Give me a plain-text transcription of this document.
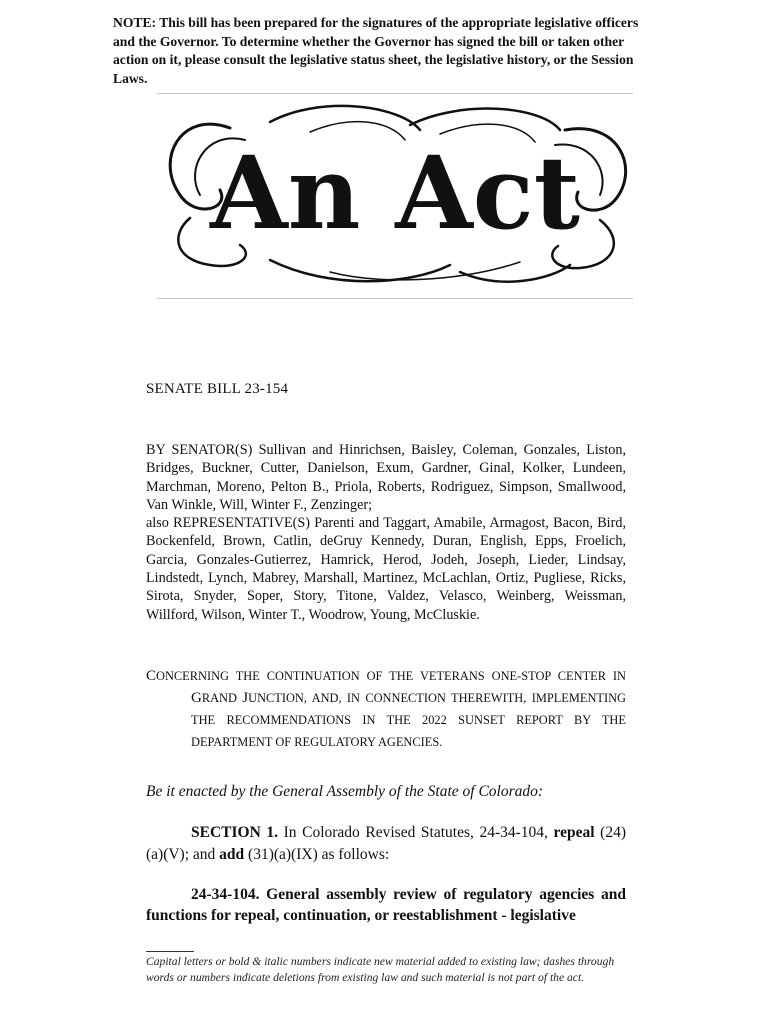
NOTE: This bill has been prepared for the signatures of the appropriate legislative officers and the Governor. To determine whether the Governor has signed the bill or taken other action on it, please consult the legislative status sheet, the legislative history, or the Session Laws.
An Act
SENATE BILL 23-154

BY SENATOR(S) Sullivan and Hinrichsen, Baisley, Coleman, Gonzales, Liston, Bridges, Buckner, Cutter, Danielson, Exum, Gardner, Ginal, Kolker, Lundeen, Marchman, Moreno, Pelton B., Priola, Roberts, Rodriguez, Simpson, Smallwood, Van Winkle, Will, Winter F., Zenzinger;

also REPRESENTATIVE(S) Parenti and Taggart, Amabile, Armagost, Bacon, Bird, Bockenfeld, Brown, Catlin, deGruy Kennedy, Duran, English, Epps, Froelich, Garcia, Gonzales-Gutierrez, Hamrick, Herod, Jodeh, Joseph, Lieder, Lindsay, Lindstedt, Lynch, Mabrey, Marshall, Martinez, McLachlan, Ortiz, Pugliese, Ricks, Sirota, Snyder, Soper, Story, Titone, Valdez, Velasco, Weinberg, Weissman, Willford, Wilson, Winter T., Woodrow, Young, McCluskie.

CONCERNING THE CONTINUATION OF THE VETERANS ONE-STOP CENTER IN GRAND JUNCTION, AND, IN CONNECTION THEREWITH, IMPLEMENTING THE RECOMMENDATIONS IN THE 2022 SUNSET REPORT BY THE DEPARTMENT OF REGULATORY AGENCIES.
Be it enacted by the General Assembly of the State of Colorado:

SECTION 1. In Colorado Revised Statutes, 24-34-104, repeal (24)(a)(V); and add (31)(a)(IX) as follows:

24-34-104. General assembly review of regulatory agencies and functions for repeal, continuation, or reestablishment - legislative

Capital letters or bold & italic numbers indicate new material added to existing law; dashes through words or numbers indicate deletions from existing law and such material is not part of the act.
